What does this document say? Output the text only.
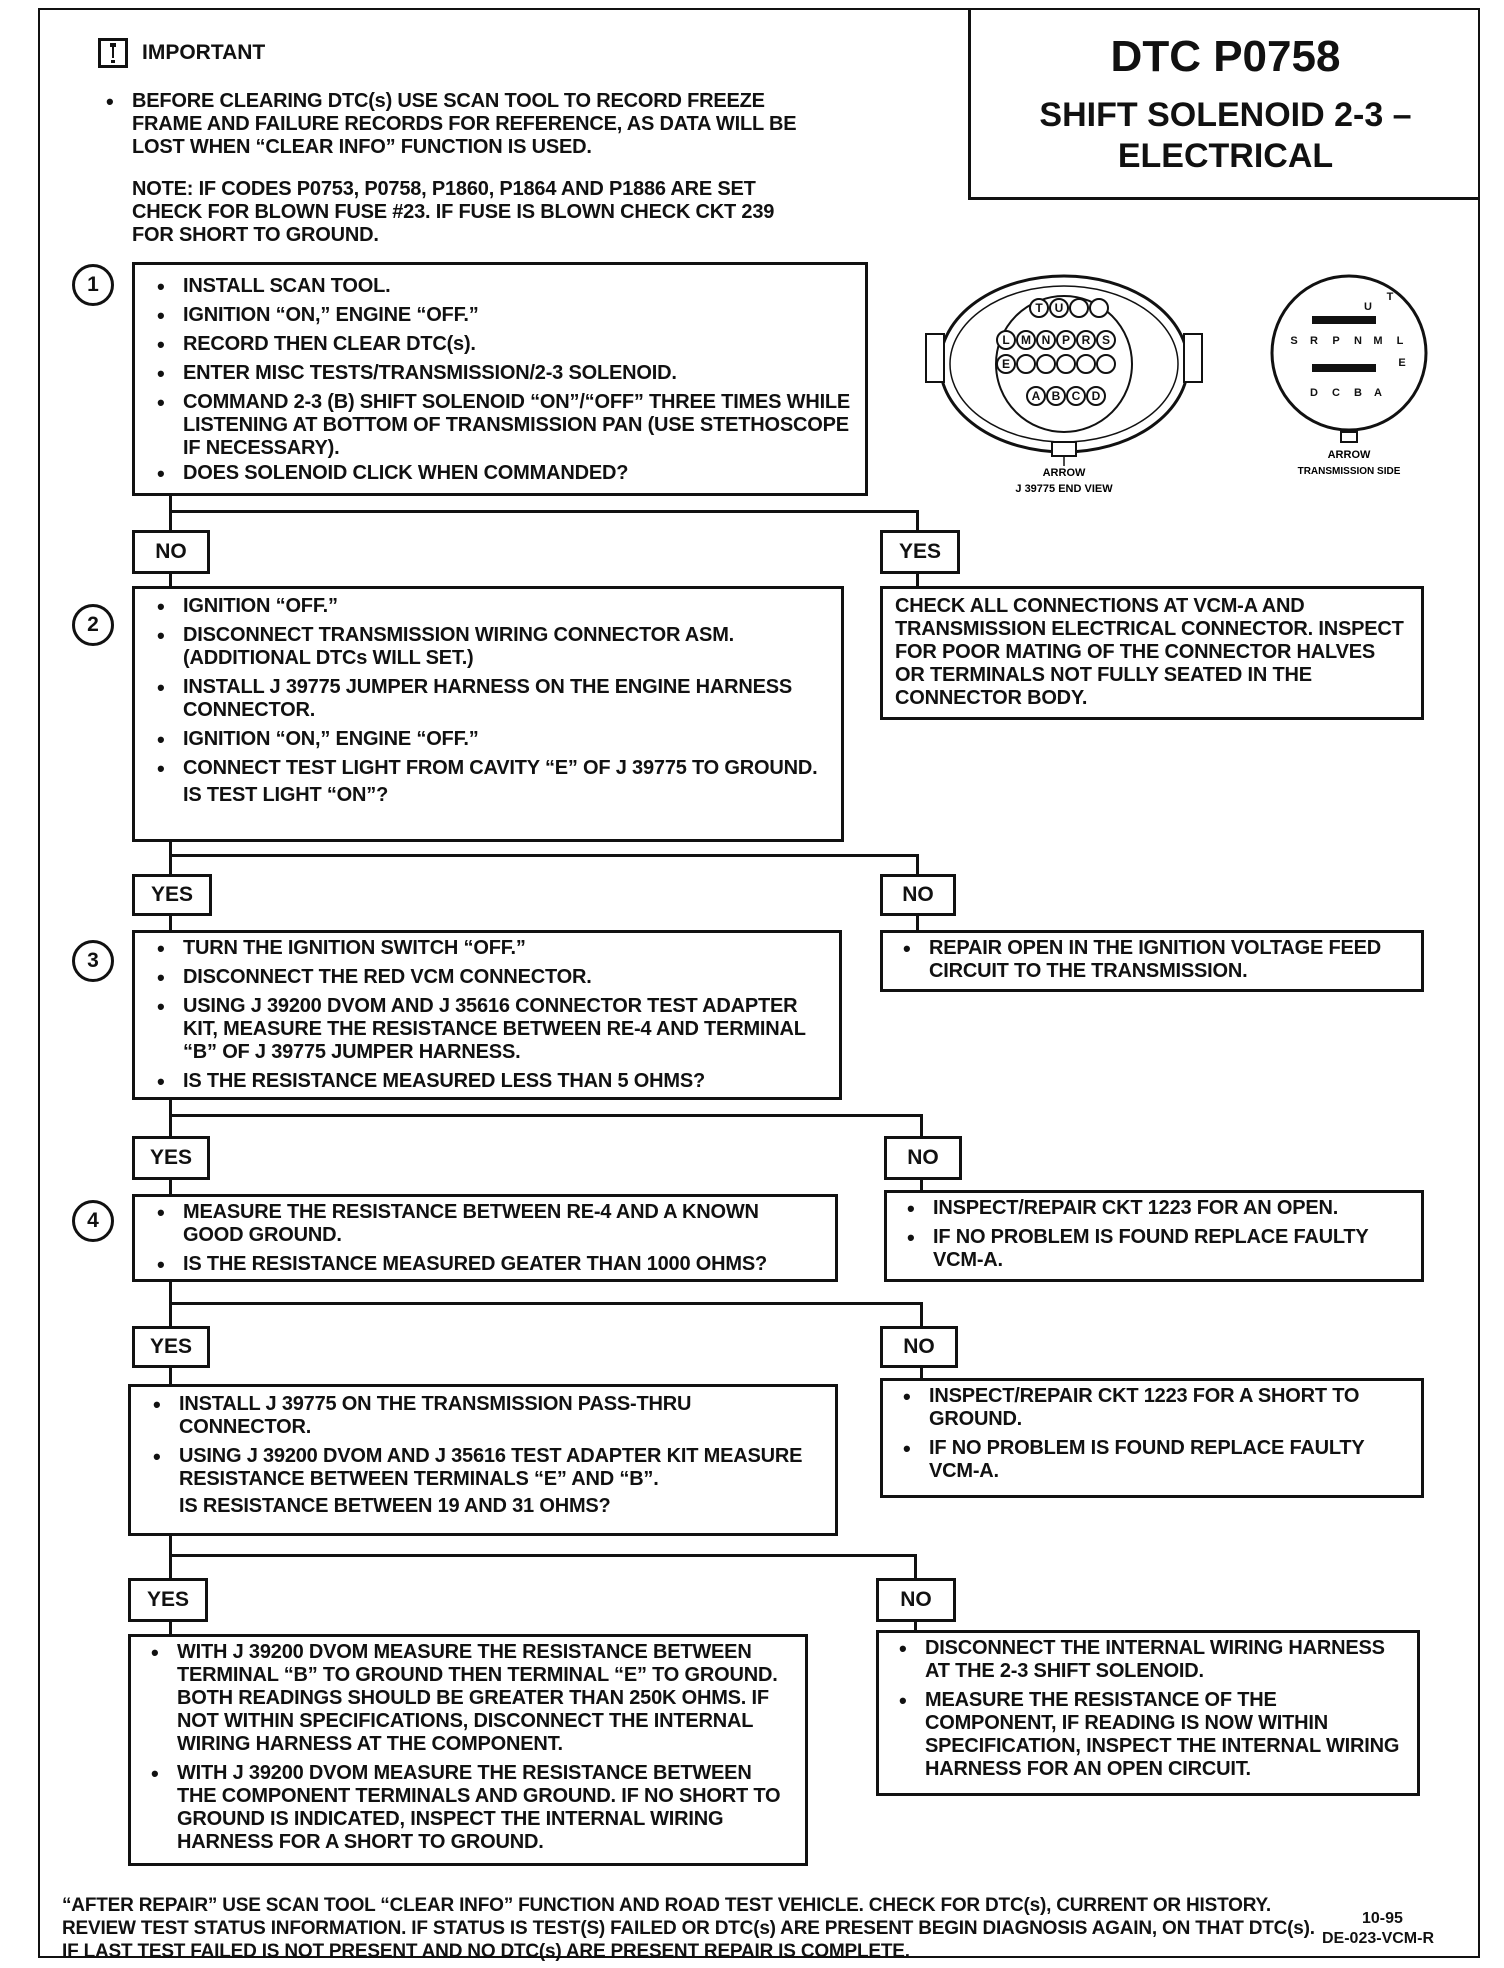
IMPORTANT
• BEFORE CLEARING DTC(s) USE SCAN TOOL TO RECORD FREEZE FRAME AND FAILURE RECORDS FOR REFERENCE, AS DATA WILL BE LOST WHEN “CLEAR INFO” FUNCTION IS USED.
NOTE: IF CODES P0753, P0758, P1860, P1864 AND P1886 ARE SET CHECK FOR BLOWN FUSE #23. IF FUSE IS BLOWN CHECK CKT 239 FOR SHORT TO GROUND.
DTC P0758
SHIFT SOLENOID 2-3 –
ELECTRICAL
T U
L M N P R S
E
A B C D
ARROW
J 39775 END VIEW
U
T
S R P N M L
E
D C B A
ARROW
TRANSMISSION SIDE
1
2
3
4
• INSTALL SCAN TOOL.
• IGNITION “ON,” ENGINE “OFF.”
• RECORD THEN CLEAR DTC(s).
• ENTER MISC TESTS/TRANSMISSION/2-3 SOLENOID.
• COMMAND 2-3 (B) SHIFT SOLENOID “ON”/“OFF” THREE TIMES WHILE LISTENING AT BOTTOM OF TRANSMISSION PAN (USE STETHOSCOPE IF NECESSARY).
• DOES SOLENOID CLICK WHEN COMMANDED?
NO	YES
• IGNITION “OFF.”
• DISCONNECT TRANSMISSION WIRING CONNECTOR ASM. (ADDITIONAL DTCs WILL SET.)
• INSTALL J 39775 JUMPER HARNESS ON THE ENGINE HARNESS CONNECTOR.
• IGNITION “ON,” ENGINE “OFF.”
• CONNECT TEST LIGHT FROM CAVITY “E” OF J 39775 TO GROUND.
IS TEST LIGHT “ON”?
CHECK ALL CONNECTIONS AT VCM-A AND TRANSMISSION ELECTRICAL CONNECTOR. INSPECT FOR POOR MATING OF THE CONNECTOR HALVES OR TERMINALS NOT FULLY SEATED IN THE CONNECTOR BODY.
YES	NO
• TURN THE IGNITION SWITCH “OFF.”
• DISCONNECT THE RED VCM CONNECTOR.
• USING J 39200 DVOM AND J 35616 CONNECTOR TEST ADAPTER KIT, MEASURE THE RESISTANCE BETWEEN RE-4 AND TERMINAL “B” OF J 39775 JUMPER HARNESS.
• IS THE RESISTANCE MEASURED LESS THAN 5 OHMS?
• REPAIR OPEN IN THE IGNITION VOLTAGE FEED CIRCUIT TO THE TRANSMISSION.
YES	NO
• MEASURE THE RESISTANCE BETWEEN RE-4 AND A KNOWN GOOD GROUND.
• IS THE RESISTANCE MEASURED GEATER THAN 1000 OHMS?
• INSPECT/REPAIR CKT 1223 FOR AN OPEN.
• IF NO PROBLEM IS FOUND REPLACE FAULTY VCM-A.
YES	NO
• INSTALL J 39775 ON THE TRANSMISSION PASS-THRU CONNECTOR.
• USING J 39200 DVOM AND J 35616 TEST ADAPTER KIT MEASURE RESISTANCE BETWEEN TERMINALS “E” AND “B”.
IS RESISTANCE BETWEEN 19 AND 31 OHMS?
• INSPECT/REPAIR CKT 1223 FOR A SHORT TO GROUND.
• IF NO PROBLEM IS FOUND REPLACE FAULTY VCM-A.
YES	NO
• WITH J 39200 DVOM MEASURE THE RESISTANCE BETWEEN TERMINAL “B” TO GROUND THEN TERMINAL “E” TO GROUND. BOTH READINGS SHOULD BE GREATER THAN 250K OHMS. IF NOT WITHIN SPECIFICATIONS, DISCONNECT THE INTERNAL WIRING HARNESS AT THE COMPONENT.
• WITH J 39200 DVOM MEASURE THE RESISTANCE BETWEEN THE COMPONENT TERMINALS AND GROUND. IF NO SHORT TO GROUND IS INDICATED, INSPECT THE INTERNAL WIRING HARNESS FOR A SHORT TO GROUND.
• DISCONNECT THE INTERNAL WIRING HARNESS AT THE 2-3 SHIFT SOLENOID.
• MEASURE THE RESISTANCE OF THE COMPONENT, IF READING IS NOW WITHIN SPECIFICATION, INSPECT THE INTERNAL WIRING HARNESS FOR AN OPEN CIRCUIT.
“AFTER REPAIR” USE SCAN TOOL “CLEAR INFO” FUNCTION AND ROAD TEST VEHICLE. CHECK FOR DTC(s), CURRENT OR HISTORY. REVIEW TEST STATUS INFORMATION. IF STATUS IS TEST(S) FAILED OR DTC(s) ARE PRESENT BEGIN DIAGNOSIS AGAIN, ON THAT DTC(s). IF LAST TEST FAILED IS NOT PRESENT AND NO DTC(s) ARE PRESENT REPAIR IS COMPLETE.
10-95
DE-023-VCM-R
